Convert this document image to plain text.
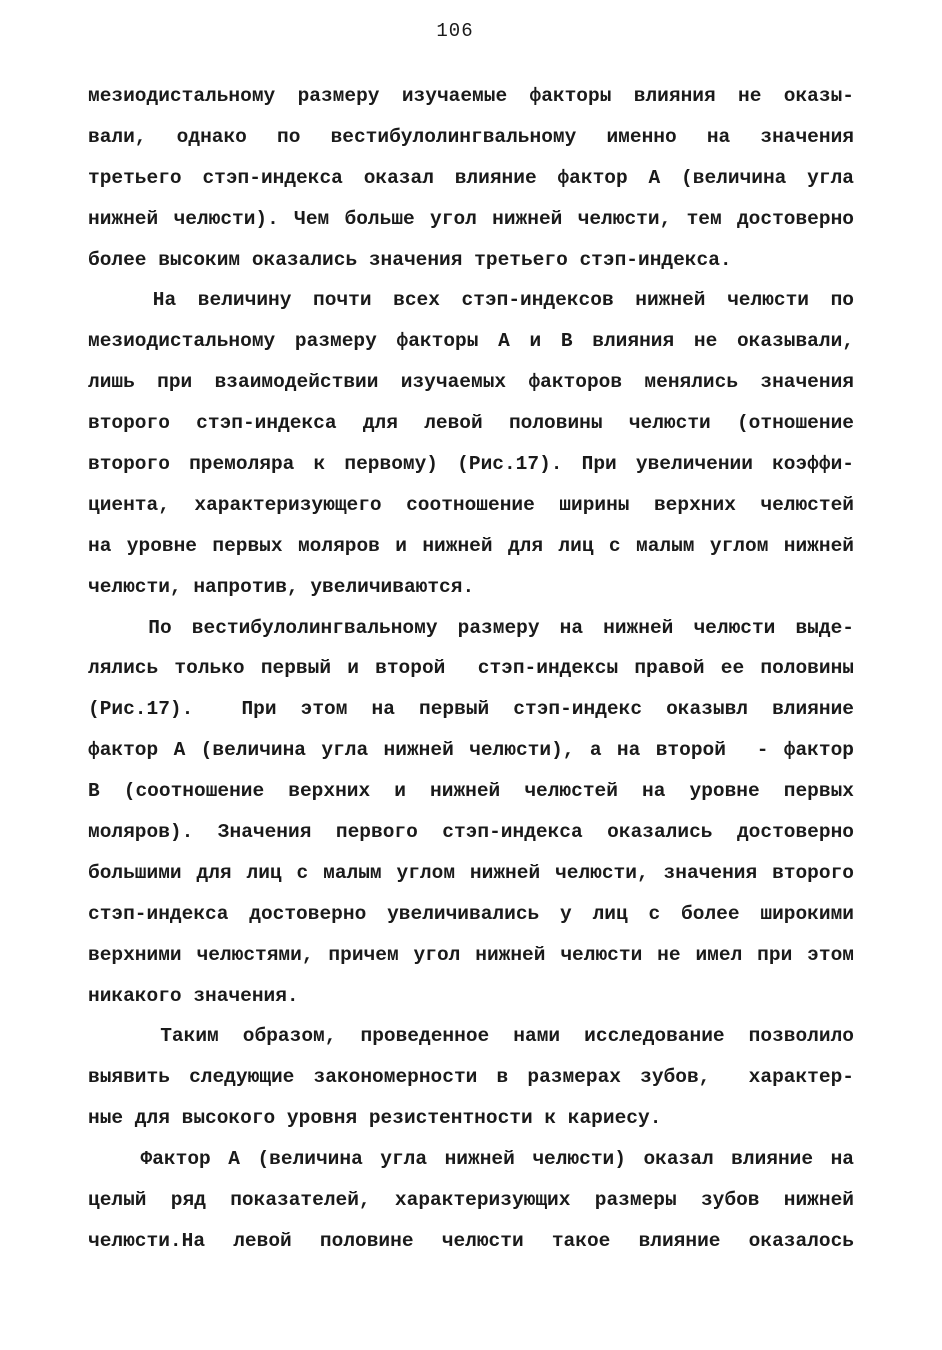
106
мезиодистальному размеру изучаемые факторы влияния не оказы-
вали, однако по вестибулолингвальному именно на значения
третьего стэп-индекса оказал влияние фактор А (величина угла
нижней челюсти). Чем больше угол нижней челюсти, тем достоверно
более высоким оказались значения третьего стэп-индекса.
На величину почти всех стэп-индексов нижней челюсти по
мезиодистальному размеру факторы А и В влияния не оказывали,
лишь при взаимодействии изучаемых факторов менялись значения
второго стэп-индекса для левой половины челюсти (отношение
второго премоляра к первому) (Рис.17). При увеличении коэффи-
циента, характеризующего соотношение ширины верхних челюстей
на уровне первых моляров и нижней для лиц с малым углом нижней
челюсти, напротив, увеличиваются.
По вестибулолингвальному размеру на нижней челюсти выде-
лялись только первый и второй  стэп-индексы правой ее половины
(Рис.17).  При этом на первый стэп-индекс оказывл влияние
фактор А (величина угла нижней челюсти), а на второй  - фактор
В (соотношение верхних и нижней челюстей на уровне первых
моляров). Значения первого стэп-индекса оказались достоверно
большими для лиц с малым углом нижней челюсти, значения второго
стэп-индекса достоверно увеличивались у лиц с более широкими
верхними челюстями, причем угол нижней челюсти не имел при этом
никакого значения.
Таким образом, проведенное нами исследование позволило
выявить следующие закономерности в размерах зубов,  характер-
ные для высокого уровня резистентности к кариесу.
Фактор А (величина угла нижней челюсти) оказал влияние на
целый ряд показателей, характеризующих размеры зубов нижней
челюсти.На левой половине челюсти такое влияние оказалось
